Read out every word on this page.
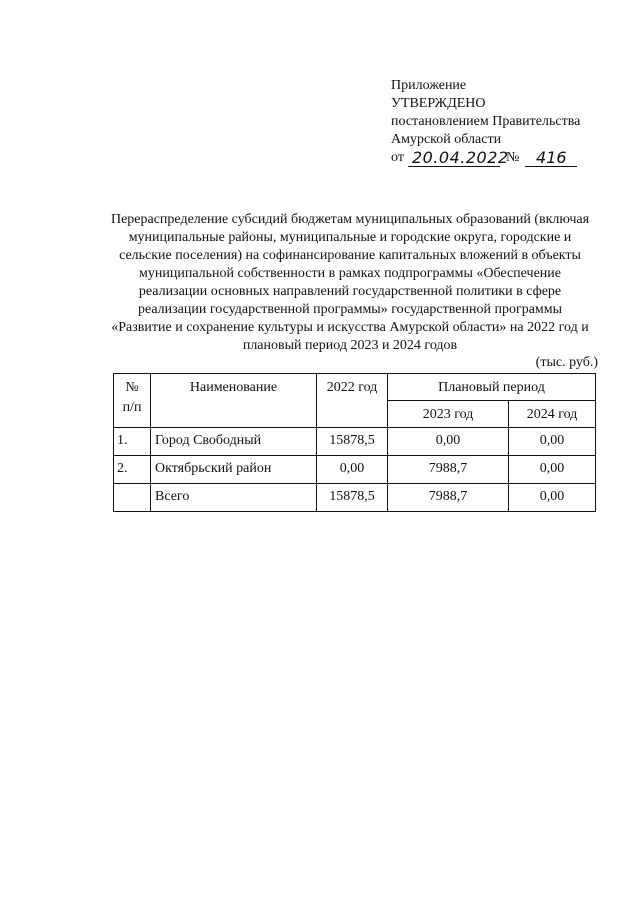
Приложение
УТВЕРЖДЕНО
постановлением Правительства
Амурской области
от 20.04.2022
№	416
Перераспределение субсидий бюджетам муниципальных образований (включая
муниципальные районы, муниципальные и городские округа, городские и
сельские поселения) на софинансирование капитальных вложений в объекты
муниципальной собственности в рамках подпрограммы «Обеспечение
реализации основных направлений государственной политики в сфере
реализации государственной программы» государственной программы
«Развитие и сохранение культуры и искусства Амурской области» на 2022 год и
плановый период 2023 и 2024 годов
(тыс. руб.)
№
п/п	Наименование	2022 год	Плановый период	

			2023 год	2024 год

1.	Город Свободный	15878,5	0,00	0,00

2.	Октябрьский район	0,00	7988,7	0,00

	Всего	15878,5	7988,7	0,00
